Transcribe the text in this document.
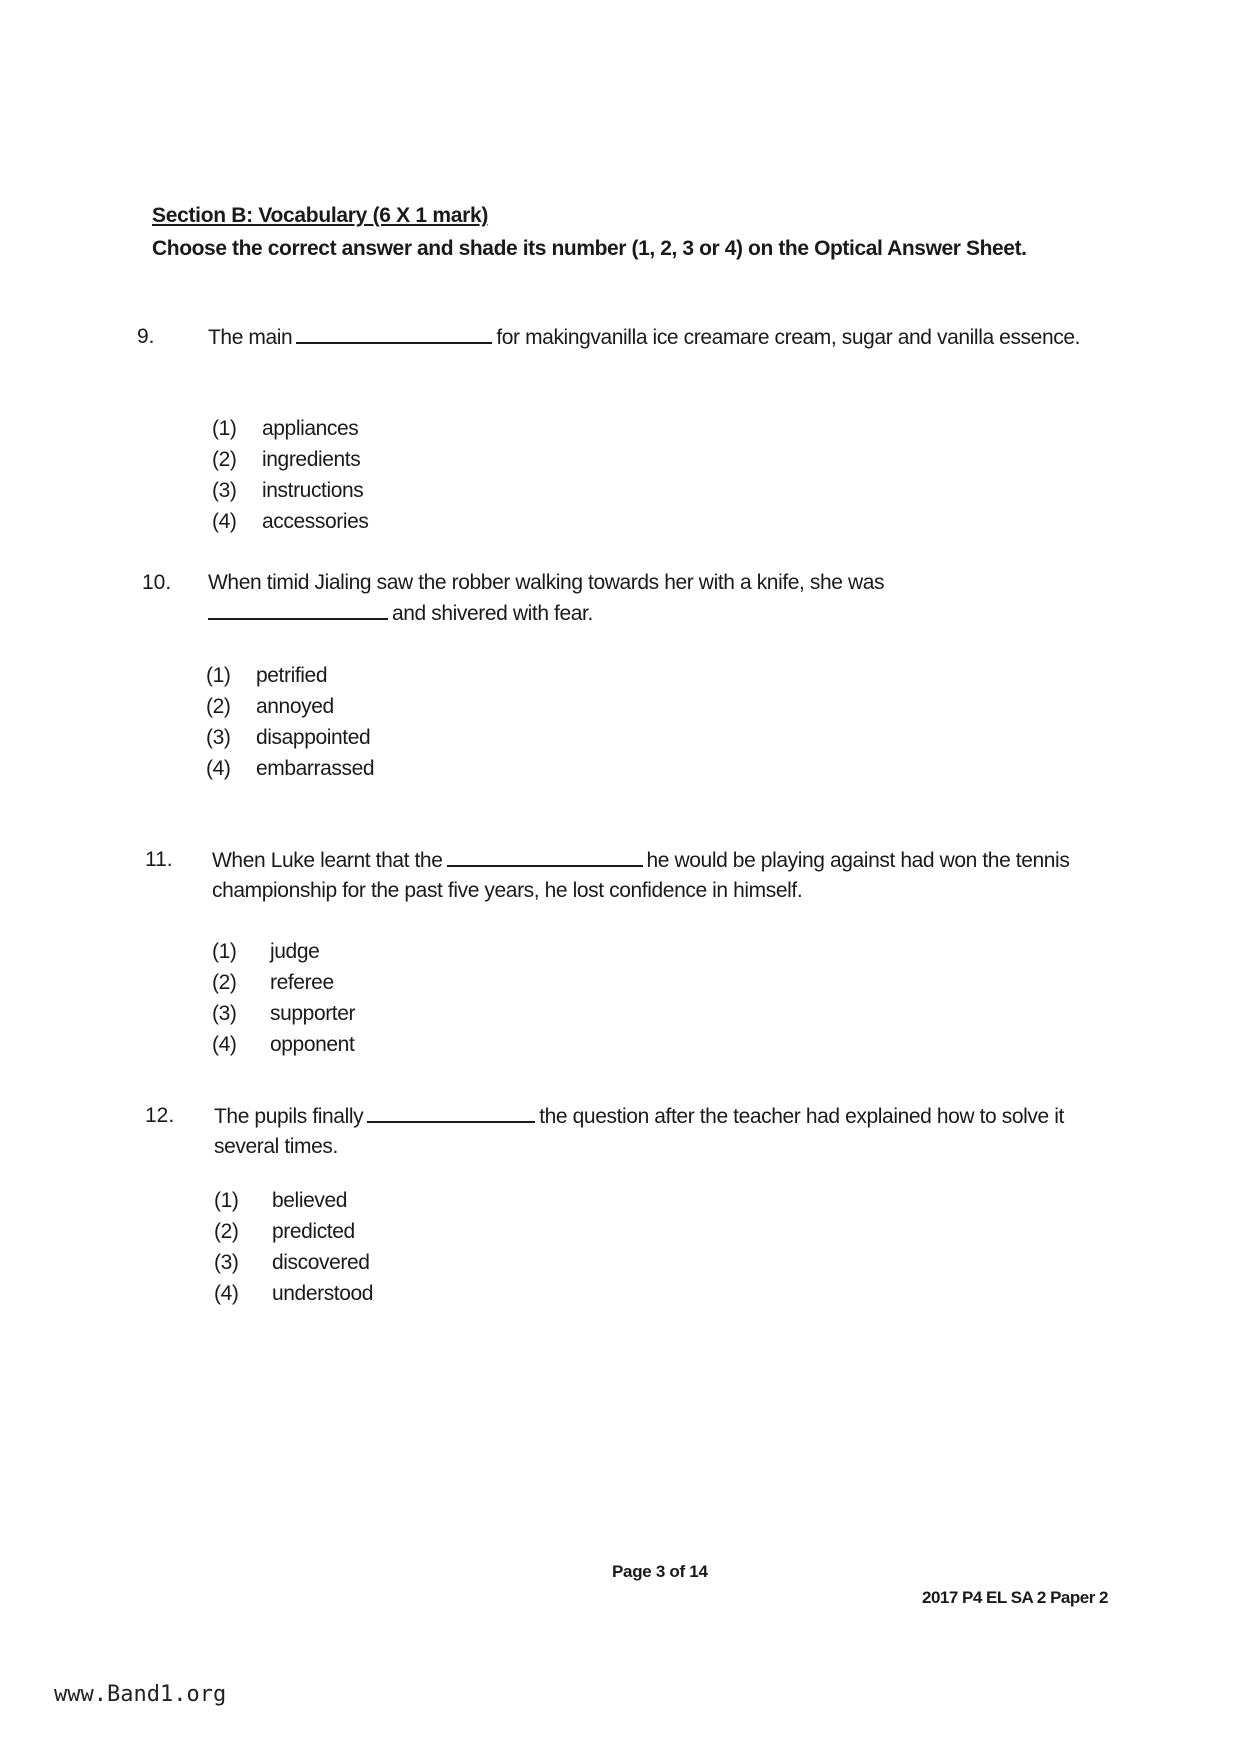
Section B: Vocabulary (6 X 1 mark)
Choose the correct answer and shade its number (1, 2, 3 or 4) on the Optical Answer Sheet.
9.	The main	for makingvanilla ice creamare cream, sugar and vanilla essence.
(1) appliances
(2) ingredients
(3) instructions
(4) accessories
10. When timid Jialing saw the robber walking towards her with a knife, she was
and shivered with fear.
(1) petrified
(2) annoyed
(3) disappointed
(4) embarrassed
11. When Luke learnt that the	he would be playing against had won the tennis championship for the past five years, he lost confidence in himself.
(1) judge
(2) referee
(3) supporter
(4) opponent
12. The pupils finally	the question after the teacher had explained how to solve it several times.
(1) believed
(2) predicted
(3) discovered
(4) understood
Page 3 of 14
2017 P4 EL SA 2 Paper 2
www.Band1.org
